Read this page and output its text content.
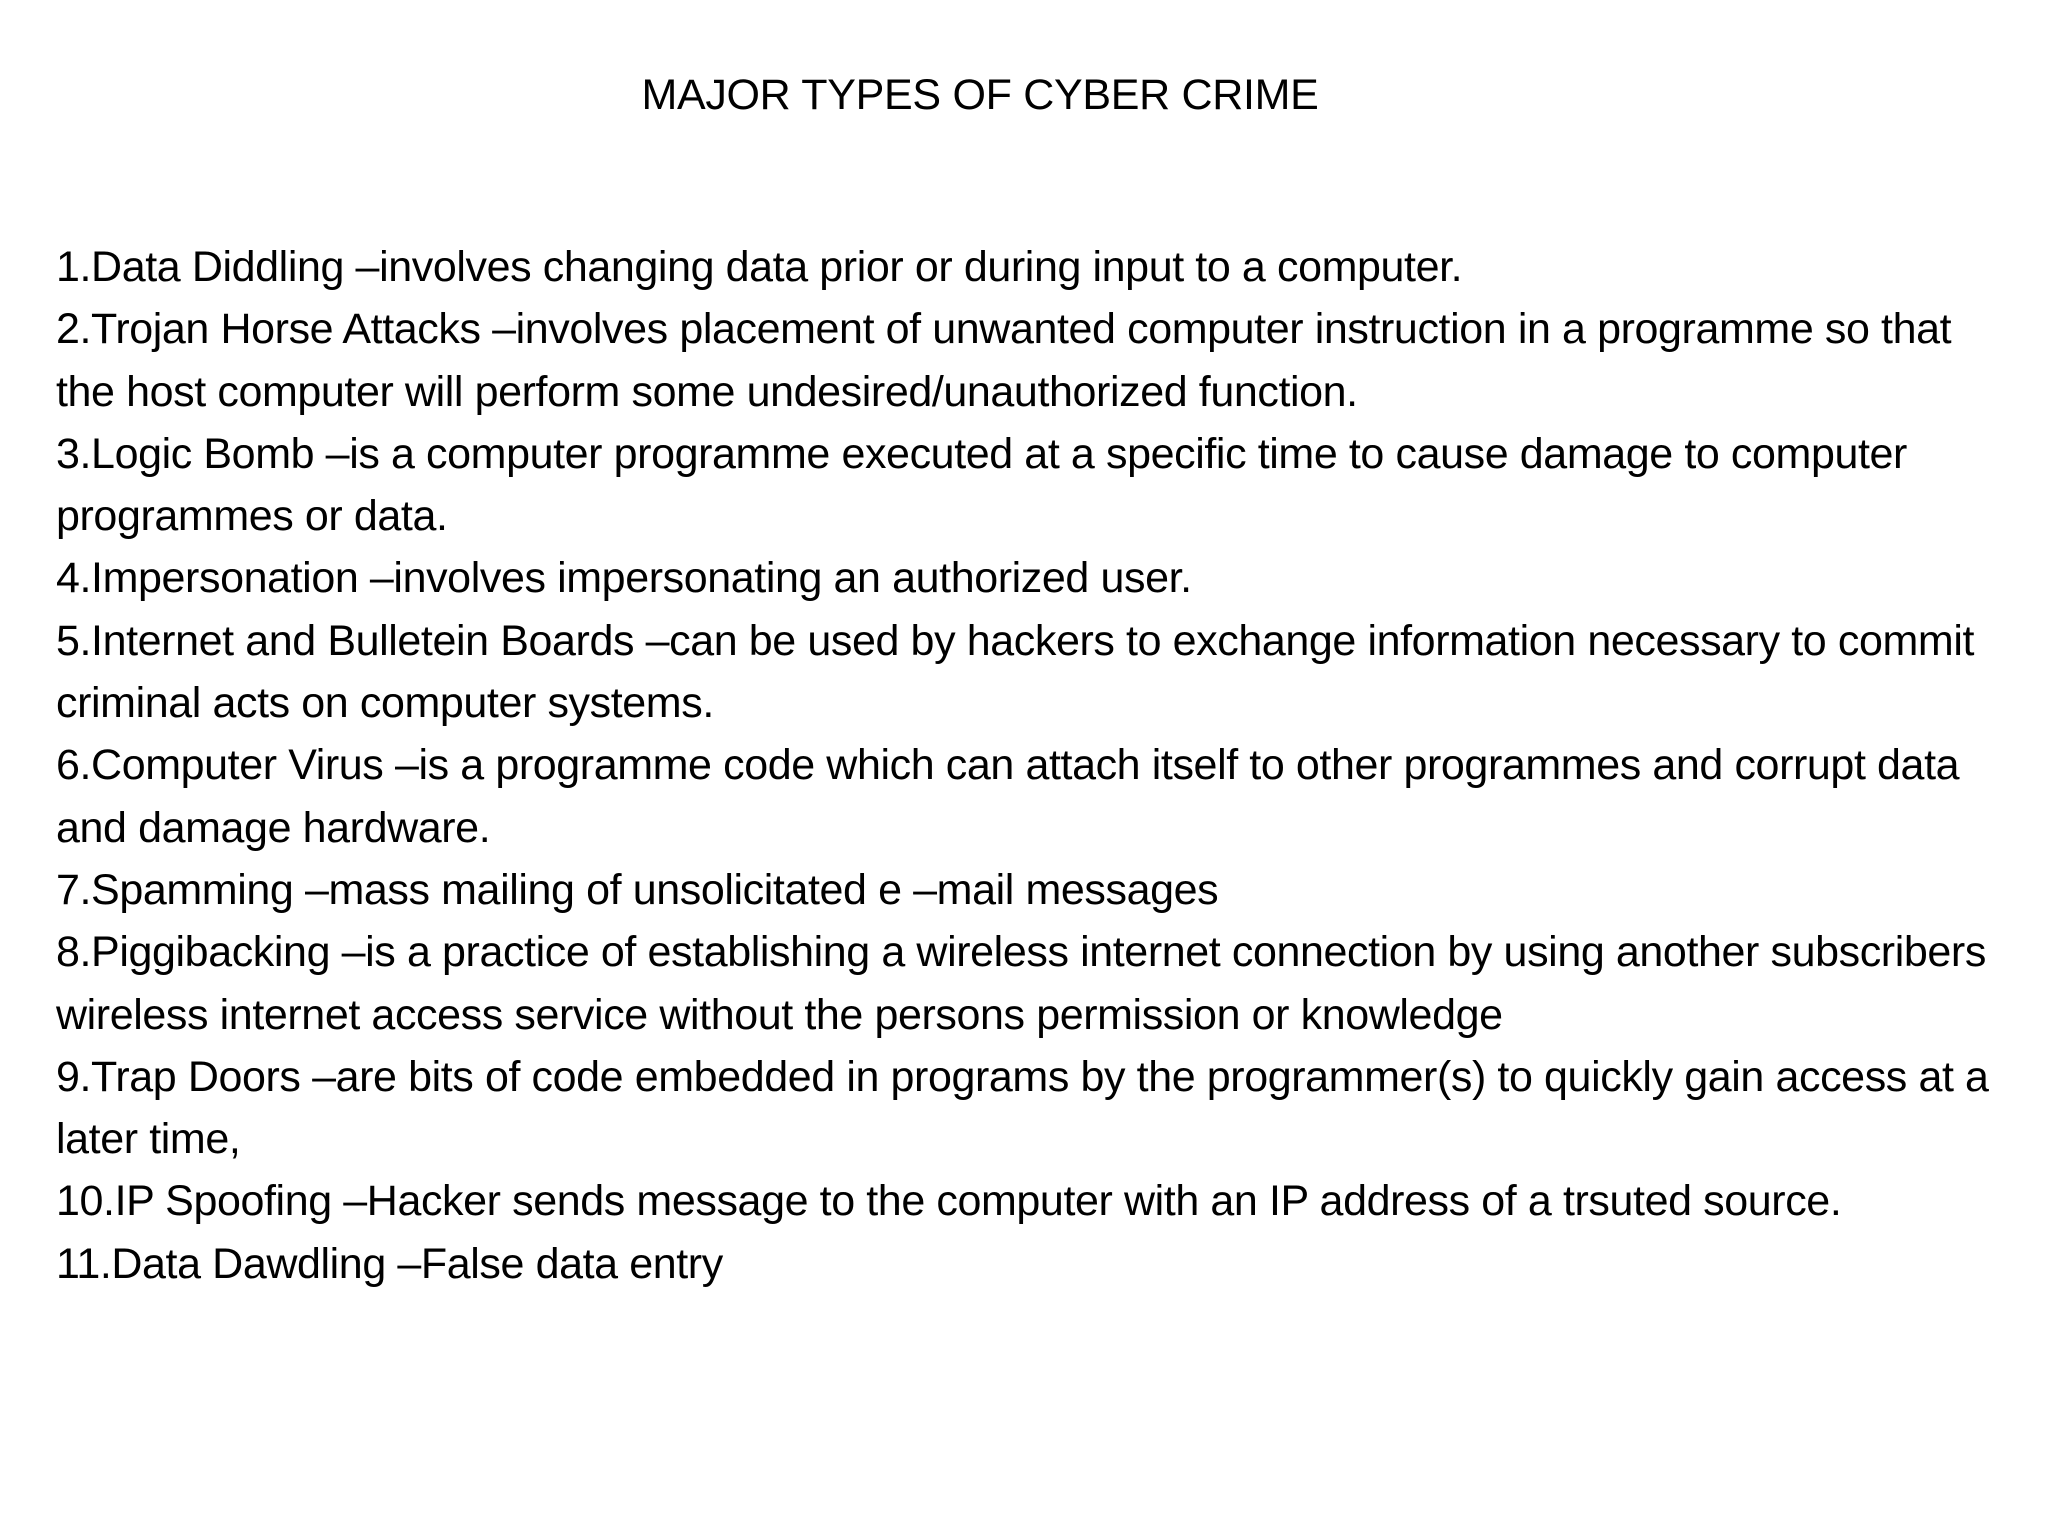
MAJOR TYPES OF CYBER CRIME

1.Data Diddling –involves changing data prior or during input to a computer.

2.Trojan Horse Attacks –involves placement of unwanted computer instruction in a programme so that the host computer will perform some undesired/unauthorized function.

3.Logic Bomb –is a computer programme executed at a specific time to cause damage to computer programmes or data.

4.Impersonation –involves impersonating an authorized user.

5.Internet and Bulletein Boards –can be used by hackers to exchange information necessary to commit criminal acts on computer systems.

6.Computer Virus –is a programme code which can attach itself to other programmes and corrupt data and damage hardware.

7.Spamming –mass mailing of unsolicitated e –mail messages

8.Piggibacking –is a practice of establishing a wireless internet connection by using another subscribers wireless internet access service without the persons permission or knowledge

9.Trap Doors –are bits of code embedded in programs by the programmer(s) to quickly gain access at a later time,

10.IP Spoofing –Hacker sends message to the computer with an IP address of a trsuted source.

11.Data Dawdling –False data entry
